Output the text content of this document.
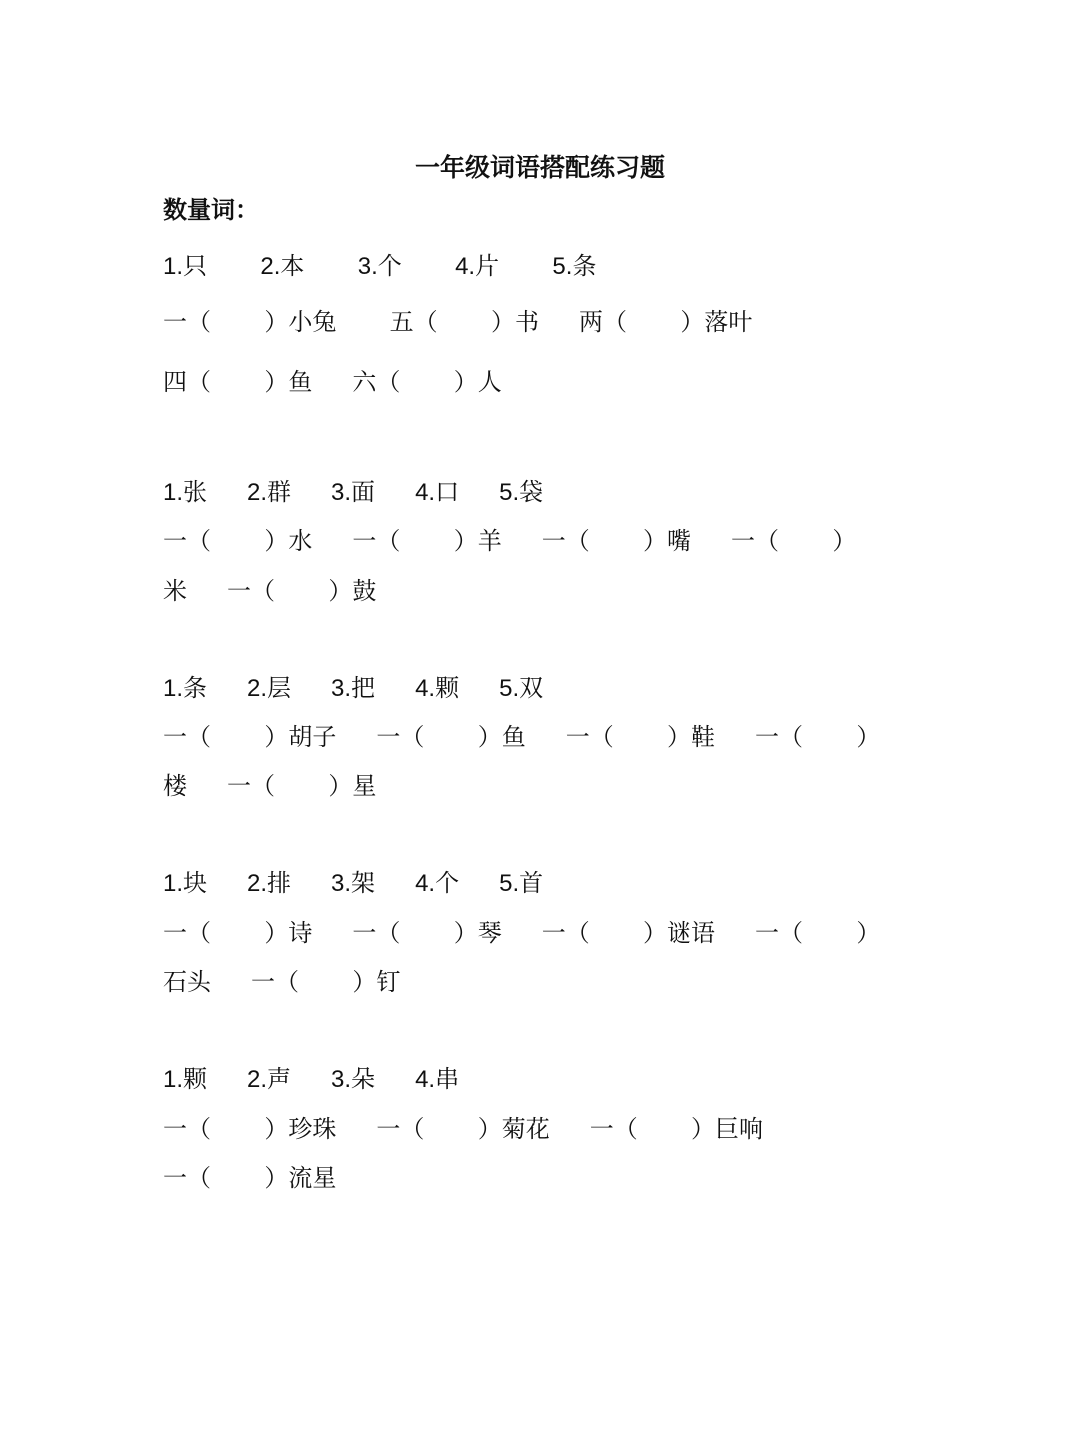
一年级词语搭配练习题
数量词：
1.只        2.本        3.个        4.片        5.条
一（        ）小兔        五（        ）书      两（        ）落叶
四（        ）鱼      六（        ）人
1.张      2.群      3.面      4.口      5.袋
一（        ）水      一（        ）羊      一（        ）嘴      一（        ）
米      一（        ）鼓
1.条      2.层      3.把      4.颗      5.双
一（        ）胡子      一（        ）鱼      一（        ）鞋      一（        ）
楼      一（        ）星
1.块      2.排      3.架      4.个      5.首
一（        ）诗      一（        ）琴      一（        ）谜语      一（        ）
石头      一（        ）钉
1.颗      2.声      3.朵      4.串
一（        ）珍珠      一（        ）菊花      一（        ）巨响
一（        ）流星
